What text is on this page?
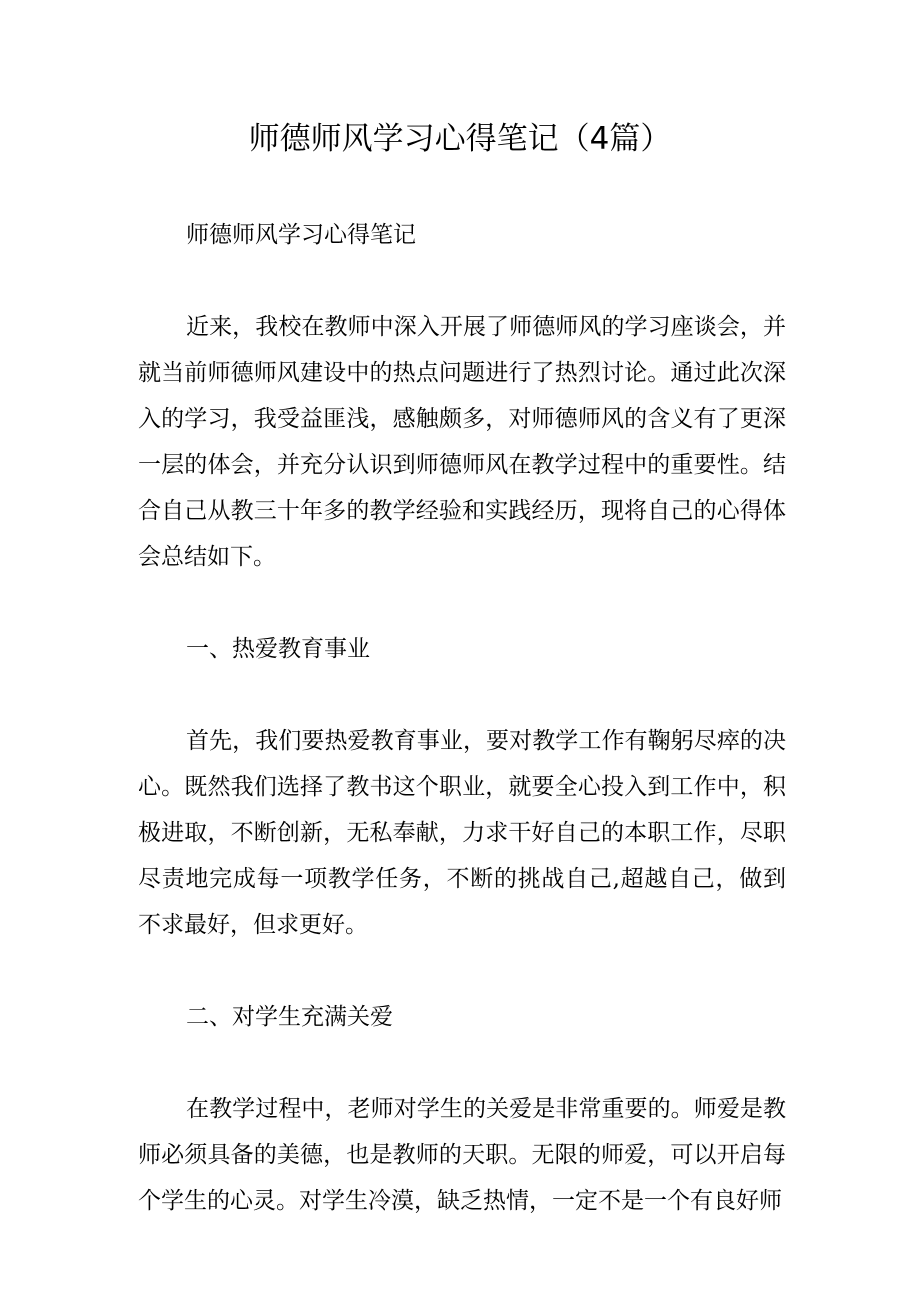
师德师风学习心得笔记（4篇）

师德师风学习心得笔记

近来，我校在教师中深入开展了师德师风的学习座谈会，并就当前师德师风建设中的热点问题进行了热烈讨论。通过此次深入的学习，我受益匪浅，感触颇多，对师德师风的含义有了更深一层的体会，并充分认识到师德师风在教学过程中的重要性。结合自己从教三十年多的教学经验和实践经历，现将自己的心得体会总结如下。

一、热爱教育事业

首先，我们要热爱教育事业，要对教学工作有鞠躬尽瘁的决心。既然我们选择了教书这个职业，就要全心投入到工作中，积极进取，不断创新，无私奉献，力求干好自己的本职工作，尽职尽责地完成每一项教学任务，不断的挑战自己,超越自己，做到不求最好，但求更好。

二、对学生充满关爱

在教学过程中，老师对学生的关爱是非常重要的。师爱是教师必须具备的美德，也是教师的天职。无限的师爱，可以开启每个学生的心灵。对学生冷漠，缺乏热情，一定不是一个有良好师
